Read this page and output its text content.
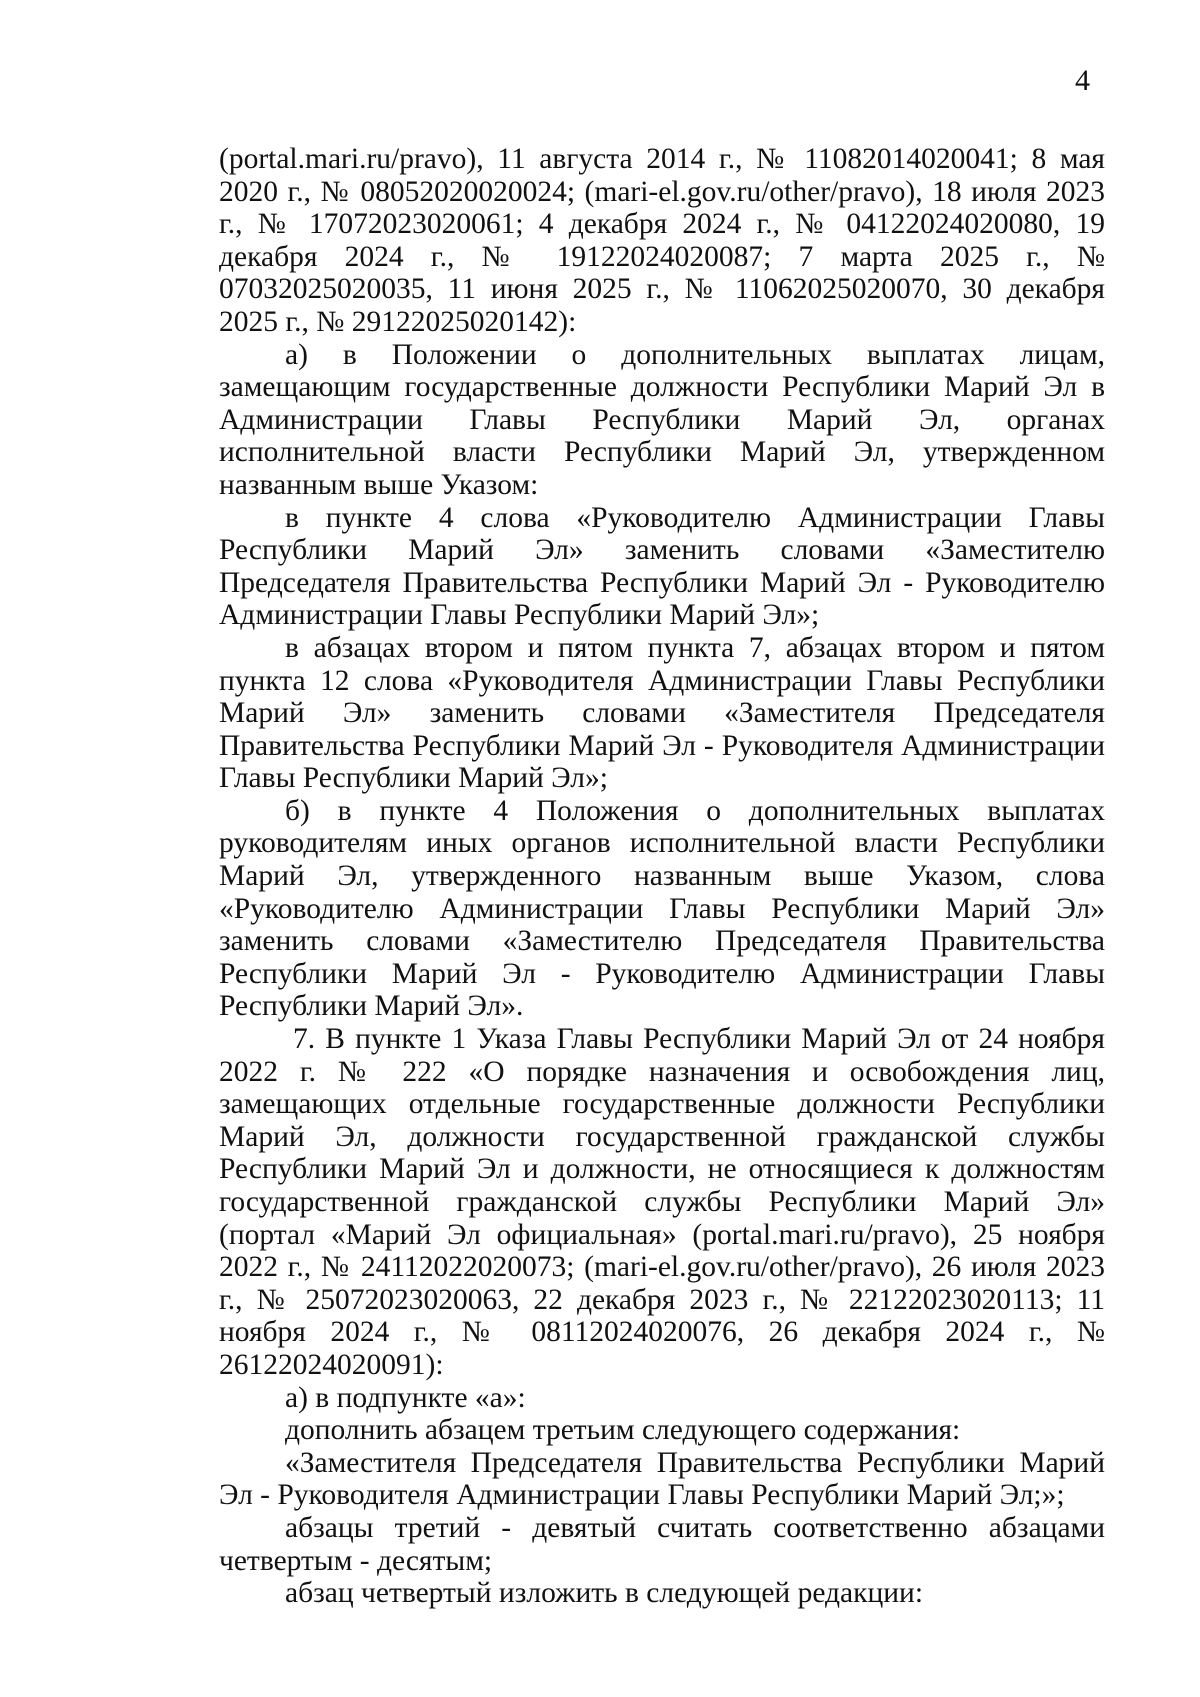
4

(portal.mari.ru/pravo), 11 августа 2014 г., № 11082014020041; 8 мая 2020 г., № 08052020020024; (mari-el.gov.ru/other/pravo), 18 июля 2023 г., № 17072023020061; 4 декабря 2024 г., № 04122024020080, 19 декабря 2024 г., № 19122024020087; 7 марта 2025 г., № 07032025020035, 11 июня 2025 г., № 11062025020070, 30 декабря 2025 г., № 29122025020142):

а) в Положении о дополнительных выплатах лицам, замещающим государственные должности Республики Марий Эл в Администрации Главы Республики Марий Эл, органах исполнительной власти Республики Марий Эл, утвержденном названным выше Указом:

в пункте 4 слова «Руководителю Администрации Главы Республики Марий Эл» заменить словами «Заместителю Председателя Правительства Республики Марий Эл - Руководителю Администрации Главы Республики Марий Эл»;

в абзацах втором и пятом пункта 7, абзацах втором и пятом пункта 12 слова «Руководителя Администрации Главы Республики Марий Эл» заменить словами «Заместителя Председателя Правительства Республики Марий Эл - Руководителя Администрации Главы Республики Марий Эл»;

б) в пункте 4 Положения о дополнительных выплатах руководителям иных органов исполнительной власти Республики Марий Эл, утвержденного названным выше Указом, слова «Руководителю Администрации Главы Республики Марий Эл» заменить словами «Заместителю Председателя Правительства Республики Марий Эл - Руководителю Администрации Главы Республики Марий Эл».

7. В пункте 1 Указа Главы Республики Марий Эл от 24 ноября 2022 г. № 222 «О порядке назначения и освобождения лиц, замещающих отдельные государственные должности Республики Марий Эл, должности государственной гражданской службы Республики Марий Эл и должности, не относящиеся к должностям государственной гражданской службы Республики Марий Эл» (портал «Марий Эл официальная» (portal.mari.ru/pravo), 25 ноября 2022 г., № 24112022020073; (mari-el.gov.ru/other/pravo), 26 июля 2023 г., № 25072023020063, 22 декабря 2023 г., № 22122023020113; 11 ноября 2024 г., № 08112024020076, 26 декабря 2024 г., № 26122024020091):

а) в подпункте «а»:

дополнить абзацем третьим следующего содержания:

«Заместителя Председателя Правительства Республики Марий Эл - Руководителя Администрации Главы Республики Марий Эл;»;

абзацы третий - девятый считать соответственно абзацами четвертым - десятым;

абзац четвертый изложить в следующей редакции:
